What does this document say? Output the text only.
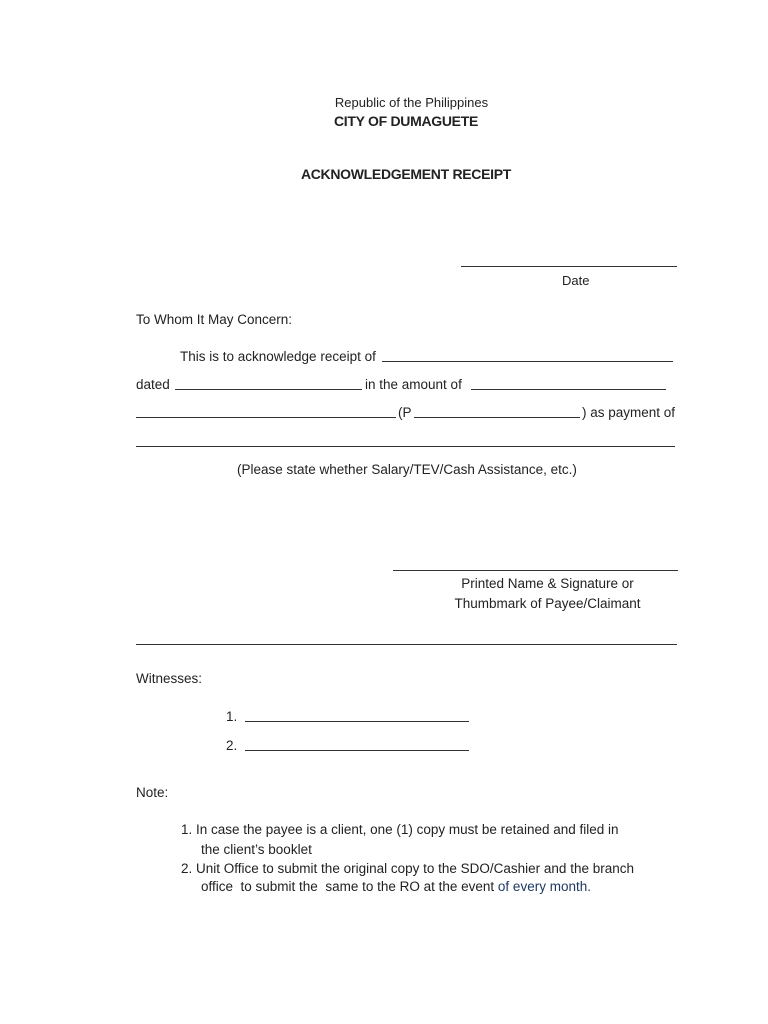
Republic of the Philippines
CITY OF DUMAGUETE
ACKNOWLEDGEMENT RECEIPT
Date
To Whom It May Concern:
This is to acknowledge receipt of
dated	in the amount of
(P	) as payment of
(Please state whether Salary/TEV/Cash Assistance, etc.)
Printed Name & Signature or
Thumbmark of Payee/Claimant
Witnesses:
1.
2.
Note:
1. In case the payee is a client, one (1) copy must be retained and filed in
the client’s booklet
2. Unit Office to submit the original copy to the SDO/Cashier and the branch
office  to submit the  same to the RO at the event of every month.
